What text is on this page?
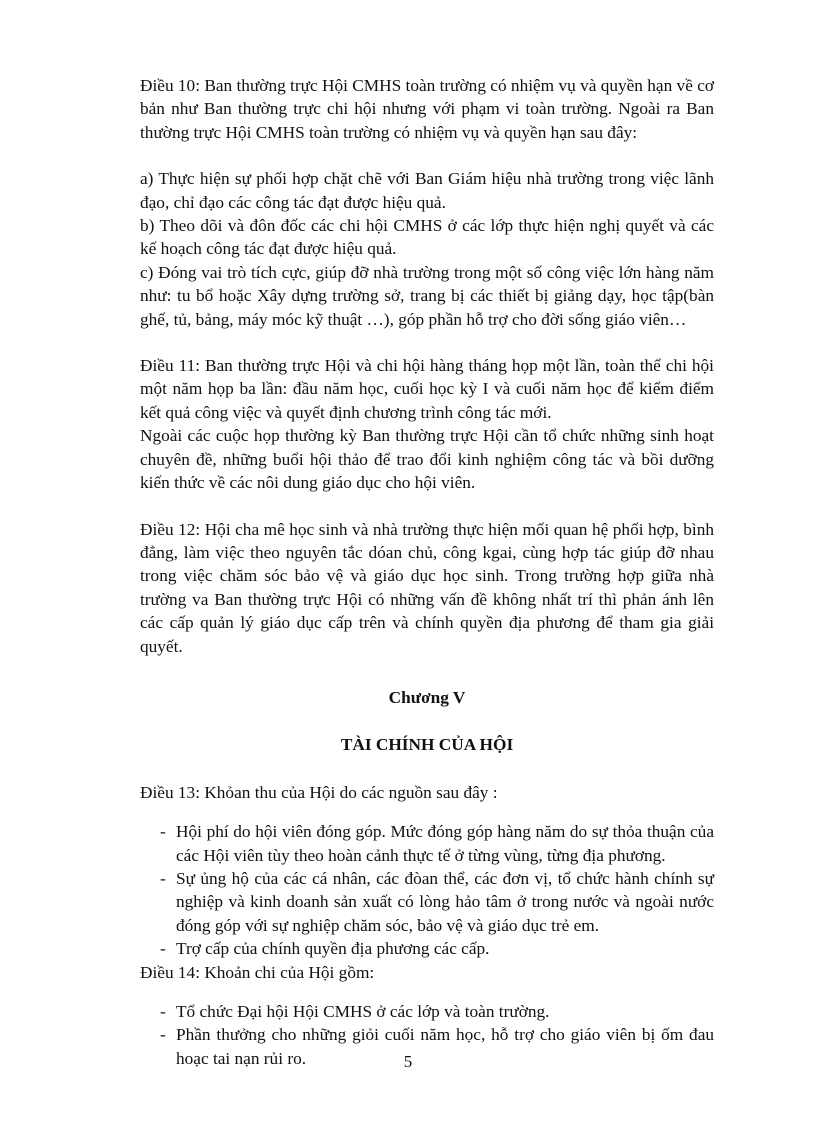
Điều 10: Ban thường trực Hội CMHS toàn trường có nhiệm vụ và quyền hạn về cơ bản như Ban thường trực chi hội nhưng với phạm vi toàn trường. Ngoài ra Ban thường trực Hội CMHS toàn trường có nhiệm vụ và quyền hạn sau đây:

a) Thực hiện sự phối hợp chặt chẽ với Ban Giám hiệu nhà trường trong việc lãnh đạo, chỉ đạo các công tác đạt được hiệu quả.

b) Theo dõi và đôn đốc các chi hội CMHS ở các lớp thực hiện nghị quyết và các kế hoạch công tác đạt được hiệu quả.

c) Đóng vai trò tích cực, giúp đỡ nhà trường trong một số công việc lớn hàng năm như: tu bổ hoặc Xây dựng trường sở, trang bị các thiết bị giảng dạy, học tập(bàn ghế, tủ, bảng, máy móc kỹ thuật …), góp phần hỗ trợ cho đời sống giáo viên…

Điều 11: Ban thường trực Hội và chi hội hàng tháng họp một lần, toàn thể chi hội một năm họp ba lần: đầu năm học, cuối học kỳ I và cuối năm học để kiểm điểm kết quả công việc và quyết định chương trình công tác mới.

Ngoài các cuộc họp thường kỳ Ban thường trực Hội cần tổ chức những sinh hoạt chuyên đề, những buổi hội thảo để trao đổi kinh nghiệm công tác và bồi dưỡng kiến thức về các nôi dung giáo dục cho hội viên.

Điều 12: Hội cha mê học sinh và nhà trường thực hiện mối quan hệ phối hợp, bình đẳng, làm việc theo nguyên tắc dóan chủ, công kgai, cùng hợp tác giúp đỡ nhau trong việc chăm sóc bảo vệ và giáo dục học sinh. Trong trường hợp giữa nhà trường va Ban thường trực Hội có những vấn đề không nhất trí thì phản ánh lên các cấp quản lý giáo dục cấp trên và chính quyền địa phương để tham gia giải quyết.

Chương V
TÀI CHÍNH CỦA HỘI

Điều 13: Khỏan thu của Hội do các nguồn sau đây :

- Hội phí do hội viên đóng góp. Mức đóng góp hàng năm do sự thỏa thuận của các Hội viên tùy theo hoàn cảnh thực tế ở từng vùng, từng địa phương.
- Sự ủng hộ của các cá nhân, các đòan thể, các đơn vị, tổ chức hành chính sự nghiệp và kinh doanh sản xuất có lòng hảo tâm ở trong nước và ngoài nước đóng góp với sự nghiệp chăm sóc, bảo vệ và giáo dục trẻ em.
- Trợ cấp của chính quyền địa phương các cấp.

Điều 14: Khoản chi của Hội gồm:

- Tổ chức Đại hội Hội CMHS ở các lớp và toàn trường.
- Phần thưởng cho những giỏi cuối năm học, hỗ trợ cho giáo viên bị ốm đau hoạc tai nạn rủi ro.	5
